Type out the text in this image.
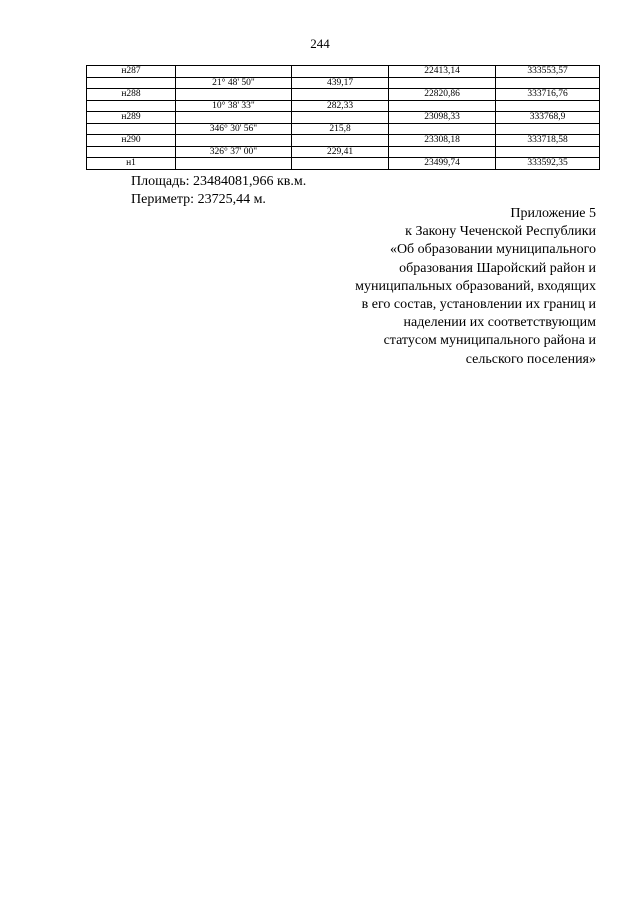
244
н287			22413,14	333553,57
	21° 48' 50"	439,17		
н288			22820,86	333716,76
	10° 38' 33"	282,33		
н289			23098,33	333768,9
	346° 30' 56"	215,8		
н290			23308,18	333718,58
	326° 37' 00"	229,41		
н1			23499,74	333592,35
Площадь: 23484081,966 кв.м.
Периметр: 23725,44 м.
Приложение 5
к Закону Чеченской Республики
«Об образовании муниципального
образования Шаройский район и
муниципальных образований, входящих
в его состав, установлении их границ и
наделении их соответствующим
статусом муниципального района и
сельского поселения»
